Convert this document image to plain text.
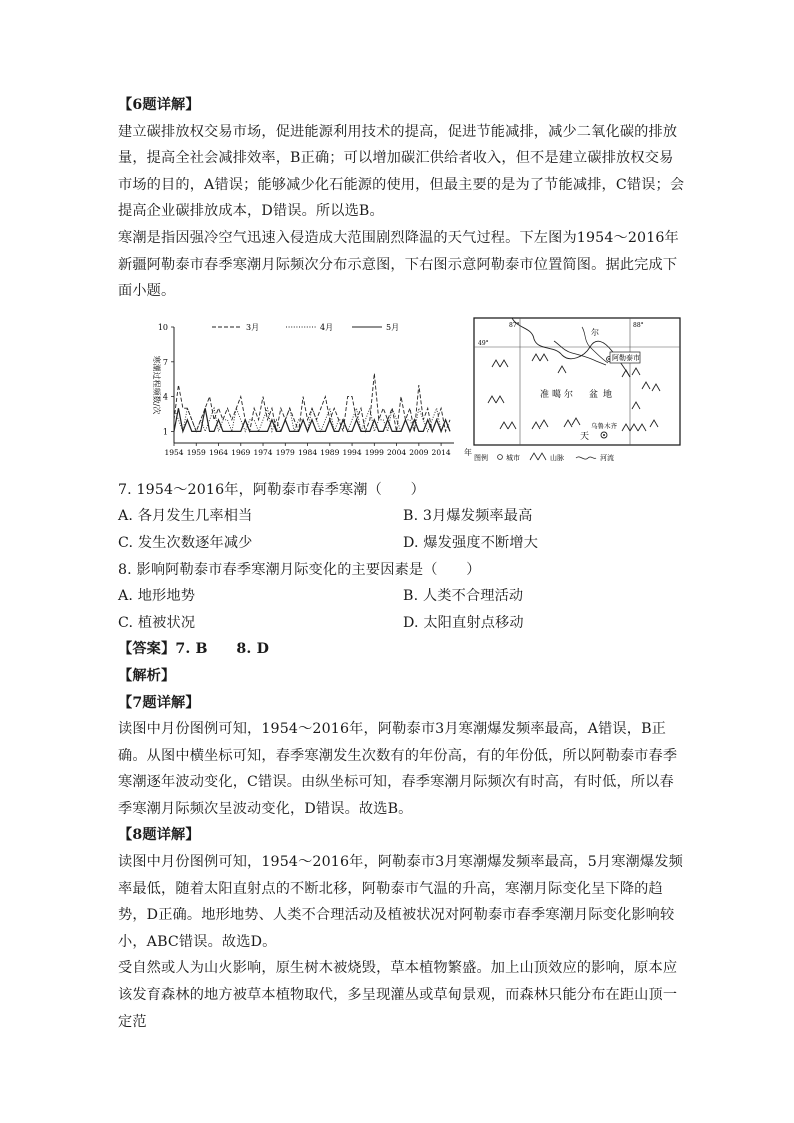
【6题详解】

建立碳排放权交易市场，促进能源利用技术的提高，促进节能减排，减少二氧化碳的排放量，提高全社会减排效率，B正确；可以增加碳汇供给者收入，但不是建立碳排放权交易市场的目的，A错误；能够减少化石能源的使用，但最主要的是为了节能减排，C错误；会提高企业碳排放成本，D错误。所以选B。

寒潮是指因强冷空气迅速入侵造成大范围剧烈降温的天气过程。下左图为1954～2016年新疆阿勒泰市春季寒潮月际频次分布示意图，下右图示意阿勒泰市位置简图。据此完成下面小题。

1
4
7
10
1954 1959 1964 1969 1974 1979 1984 1989 1994 1999 2004 2009 2014 年
寒潮过程频数/次
3月	4月	5月
49°
87°	88°
阿勒泰市
尔
准 噶 尔 盆 地
天
乌鲁木齐
图例	城市	山脉	河流

7. 1954～2016年，阿勒泰市春季寒潮（　　）

A. 各月发生几率相当	B. 3月爆发频率最高

C. 发生次数逐年减少	D. 爆发强度不断增大

8. 影响阿勒泰市春季寒潮月际变化的主要因素是（　　）

A. 地形地势	B. 人类不合理活动

C. 植被状况	D. 太阳直射点移动

【答案】7. B　　8. D

【解析】

【7题详解】

读图中月份图例可知，1954～2016年，阿勒泰市3月寒潮爆发频率最高，A错误，B正确。从图中横坐标可知，春季寒潮发生次数有的年份高，有的年份低，所以阿勒泰市春季寒潮逐年波动变化，C错误。由纵坐标可知，春季寒潮月际频次有时高，有时低，所以春季寒潮月际频次呈波动变化，D错误。故选B。

【8题详解】

读图中月份图例可知，1954～2016年，阿勒泰市3月寒潮爆发频率最高，5月寒潮爆发频率最低，随着太阳直射点的不断北移，阿勒泰市气温的升高，寒潮月际变化呈下降的趋势，D正确。地形地势、人类不合理活动及植被状况对阿勒泰市春季寒潮月际变化影响较小，ABC错误。故选D。

受自然或人为山火影响，原生树木被烧毁，草本植物繁盛。加上山顶效应的影响，原本应该发育森林的地方被草本植物取代，多呈现灌丛或草甸景观，而森林只能分布在距山顶一定范
